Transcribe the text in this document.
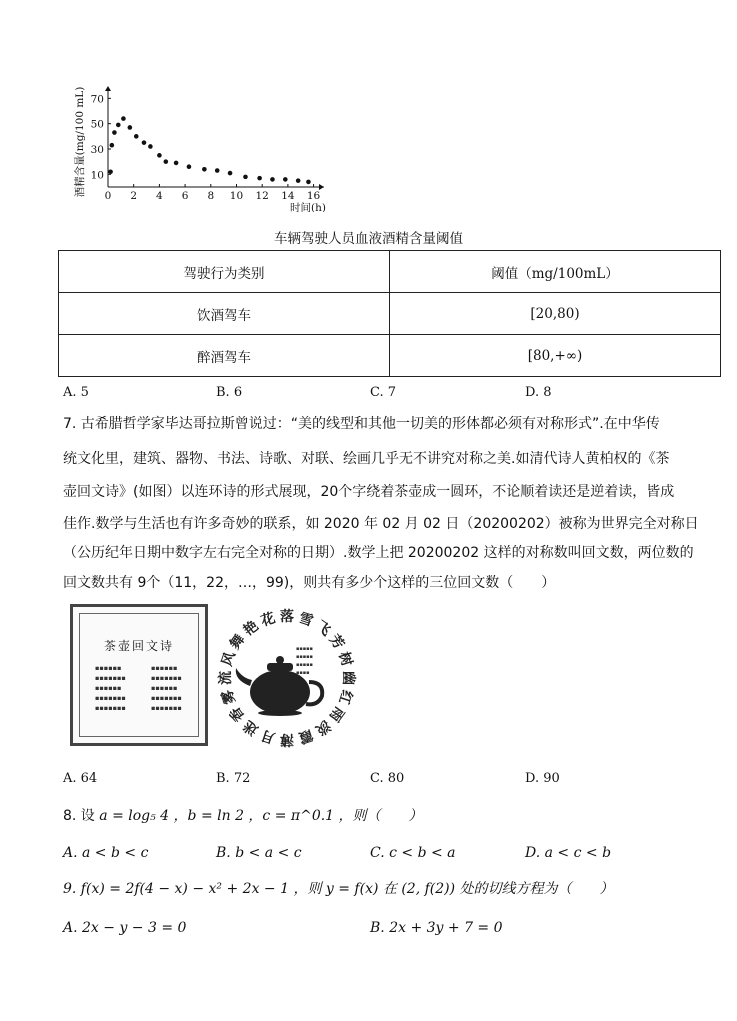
0 2 4 6 8 10 12 14 16
10
30
50
70
时间(h)
酒精含量(mg/100 mL)
车辆驾驶人员血液酒精含量阈值
驾驶行为类别	阈值（mg/100mL）
饮酒驾车	[20,80)
醉酒驾车	[80,+∞)
A. 5	B. 6	C. 7	D. 8
7. 古希腊哲学家毕达哥拉斯曾说过：“美的线型和其他一切美的形体都必须有对称形式”.在中华传
统文化里，建筑、器物、书法、诗歌、对联、绘画几乎无不讲究对称之美.如清代诗人黄柏权的《茶
壶回文诗》(如图）以连环诗的形式展现，20个字绕着茶壶成一圆环，不论顺着读还是逆着读，皆成
佳作.数学与生活也有许多奇妙的联系，如 2020 年 02 月 02 日（20200202）被称为世界完全对称日
（公历纪年日期中数字左右完全对称的日期）.数学上把 20200202 这样的对称数叫回文数，两位数的
回文数共有 9个（11，22，…，99)，则共有多少个这样的三位回文数（　　）
茶壶回文诗
▪▪▪▪▪▪
▪▪▪▪▪▪▪
▪▪▪▪▪▪
▪▪▪▪▪▪▪
▪▪▪▪▪▪▪
▪▪▪▪▪▪
▪▪▪▪▪▪▪
▪▪▪▪▪▪
▪▪▪▪▪▪▪
▪▪▪▪▪▪▪
落 雪
飞
芳
树
幽
红
雨
淡
霞
薄
月
迷
香
雾
流
风
舞
艳
花
▪▪▪▪▪
▪▪▪▪▪
▪▪▪▪▪
▪▪▪▪
A. 64	B. 72	C. 80	D. 90
8. 设 a = log₅ 4 ，b = ln 2 ，c = π^0.1 ，则（　　）
A. a < b < c	B. b < a < c	C. c < b < a	D. a < c < b
9. f(x) = 2f(4 − x) − x² + 2x − 1 ，则 y = f(x) 在 (2, f(2)) 处的切线方程为（　　）
A. 2x − y − 3 = 0	B. 2x + 3y + 7 = 0
